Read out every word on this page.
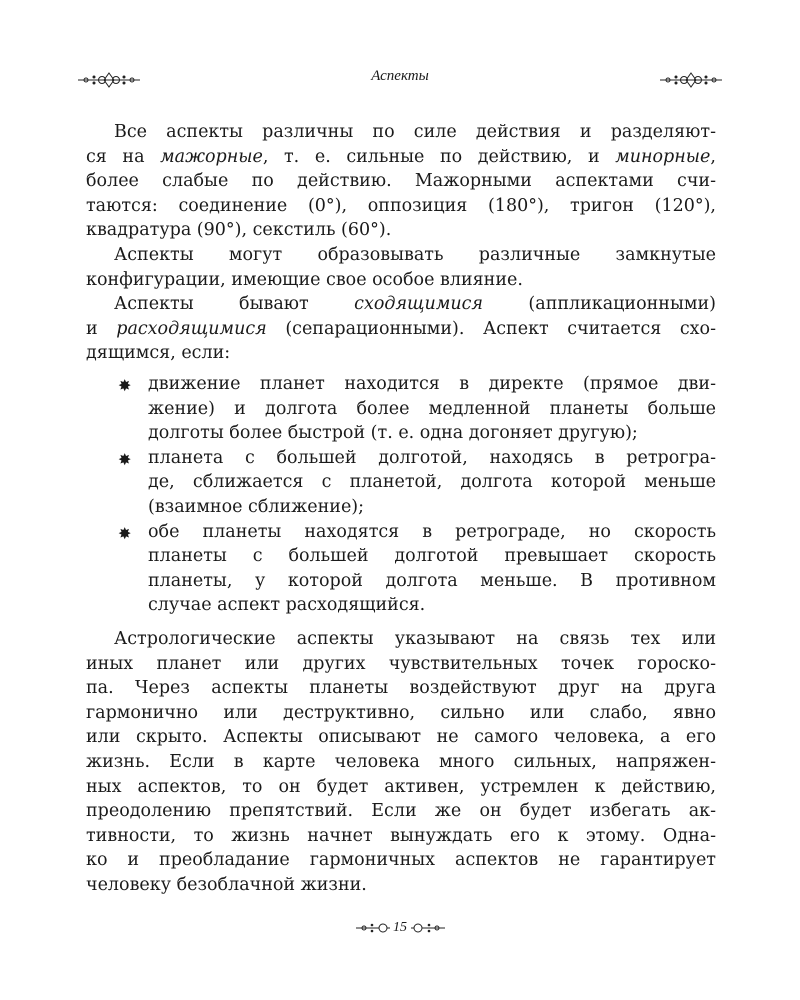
Аспекты
Все аспекты различны по силе действия и разделяют-
ся на мажорные, т. е. сильные по действию, и минорные,
более слабые по действию. Мажорными аспектами счи-
таются: соединение (0°), оппозиция (180°), тригон (120°),
квадратура (90°), секстиль (60°).
Аспекты могут образовывать различные замкнутые
конфигурации, имеющие свое особое влияние.
Аспекты бывают сходящимися (аппликационными)
и расходящимися (сепарационными). Аспект считается схо-
дящимся, если:
✸ движение планет находится в директе (прямое дви-
жение) и долгота более медленной планеты больше
долготы более быстрой (т. е. одна догоняет другую);
✸ планета с большей долготой, находясь в ретрогра-
де, сближается с планетой, долгота которой меньше
(взаимное сближение);
✸ обе планеты находятся в ретрограде, но скорость
планеты с большей долготой превышает скорость
планеты, у которой долгота меньше. В противном
случае аспект расходящийся.
Астрологические аспекты указывают на связь тех или
иных планет или других чувствительных точек гороско-
па. Через аспекты планеты воздействуют друг на друга
гармонично или деструктивно, сильно или слабо, явно
или скрыто. Аспекты описывают не самого человека, а его
жизнь. Если в карте человека много сильных, напряжен-
ных аспектов, то он будет активен, устремлен к действию,
преодолению препятствий. Если же он будет избегать ак-
тивности, то жизнь начнет вынуждать его к этому. Одна-
ко и преобладание гармоничных аспектов не гарантирует
человеку безоблачной жизни.
15
